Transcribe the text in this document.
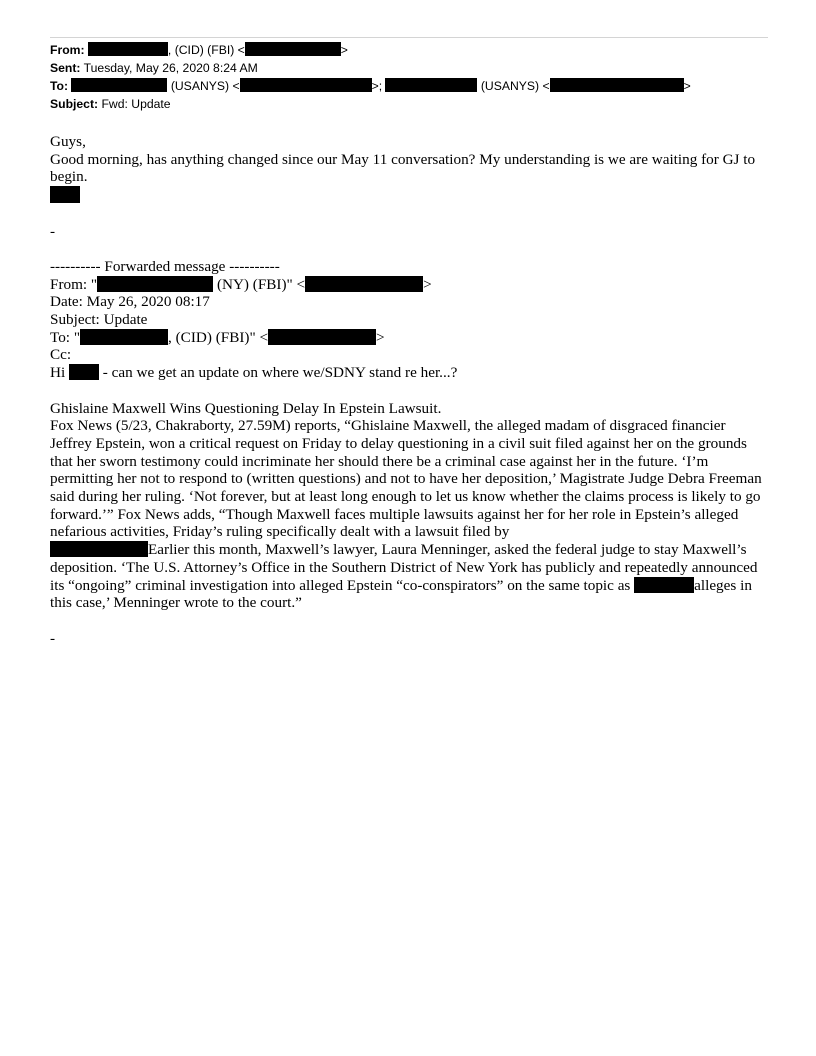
From:	, (CID) (FBI) <	>
Sent: Tuesday, May 26, 2020 8:24 AM
To:	(USANYS) <	>;	(USANYS) <	>
Subject: Fwd: Update

Guys,

Good morning, has anything changed since our May 11 conversation? My understanding is we are waiting for GJ to begin.

-

---------- Forwarded message ----------

From: "	(NY) (FBI)" <	>

Date: May 26, 2020 08:17

Subject: Update

To: "	, (CID) (FBI)" <	>

Cc:

Hi  - can we get an update on where we/SDNY stand re her...?

Ghislaine Maxwell Wins Questioning Delay In Epstein Lawsuit.

Fox News (5/23, Chakraborty, 27.59M) reports, “Ghislaine Maxwell, the alleged madam of disgraced financier Jeffrey Epstein, won a critical request on Friday to delay questioning in a civil suit filed against her on the grounds that her sworn testimony could incriminate her should there be a criminal case against her in the future. ‘I’m permitting her not to respond to (written questions) and not to have her deposition,’ Magistrate Judge Debra Freeman said during her ruling. ‘Not forever, but at least long enough to let us know whether the claims process is likely to go forward.’” Fox News adds, “Though Maxwell faces multiple lawsuits against her for her role in Epstein’s alleged nefarious activities, Friday’s ruling specifically dealt with a lawsuit filed by
Earlier this month, Maxwell’s lawyer, Laura Menninger, asked the federal judge to stay Maxwell’s deposition. ‘The U.S. Attorney’s Office in the Southern District of New York has publicly and repeatedly announced its “ongoing” criminal investigation into alleged Epstein “co-conspirators” on the same topic as	alleges in this case,’ Menninger wrote to the court.”

-
